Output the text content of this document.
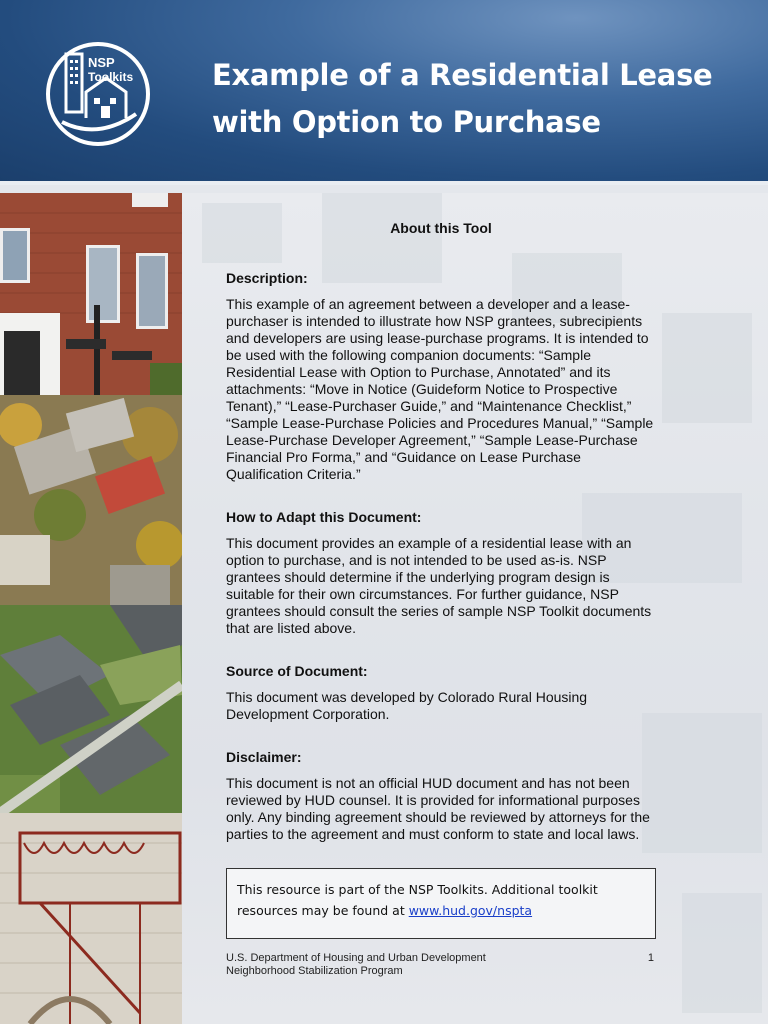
NSP
Toolkits	Example of a Residential Lease
with Option to Purchase
About this Tool
Description:
This example of an agreement between a developer and a lease-purchaser is intended to illustrate how NSP grantees, subrecipients and developers are using lease-purchase programs. It is intended to be used with the following companion documents: “Sample Residential Lease with Option to Purchase, Annotated” and its attachments: “Move in Notice (Guideform Notice to Prospective Tenant),” “Lease-Purchaser Guide,” and “Maintenance Checklist,” “Sample Lease-Purchase Policies and Procedures Manual,” “Sample Lease-Purchase Developer Agreement,” “Sample Lease-Purchase Financial Pro Forma,” and “Guidance on Lease Purchase Qualification Criteria.”
How to Adapt this Document:
This document provides an example of a residential lease with an option to purchase, and is not intended to be used as-is. NSP grantees should determine if the underlying program design is suitable for their own circumstances. For further guidance, NSP grantees should consult the series of sample NSP Toolkit documents that are listed above.
Source of Document:
This document was developed by Colorado Rural Housing Development Corporation.
Disclaimer:
This document is not an official HUD document and has not been reviewed by HUD counsel. It is provided for informational purposes only. Any binding agreement should be reviewed by attorneys for the parties to the agreement and must conform to state and local laws.
This resource is part of the NSP Toolkits. Additional toolkit
resources may be found at www.hud.gov/nspta
U.S. Department of Housing and Urban Development
Neighborhood Stabilization Program
1
